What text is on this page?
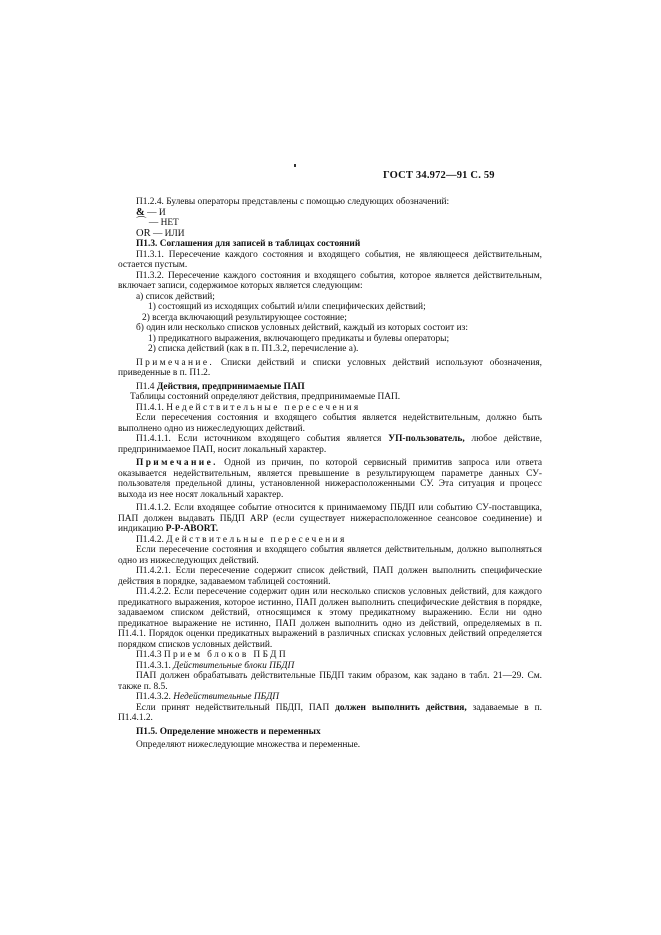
ГОСТ 34.972—91 С. 59

П1.2.4. Булевы операторы представлены с помощью следующих обозначений:

& — И

⌒ — НЕТ

OR — ИЛИ

П1.3. Соглашения для записей в таблицах состояний

П1.3.1. Пересечение каждого состояния и входящего события, не являющееся действительным, остается пустым.

П1.3.2. Пересечение каждого состояния и входящего события, которое является действительным, включает записи, содержимое которых является следующим:

а) список действий;

1) состоящий из исходящих событий и/или специфических действий;

2) всегда включающий результирующее состояние;

б) один или несколько списков условных действий, каждый из которых состоит из:

1) предикатного выражения, включающего предикаты и булевы операторы;

2) списка действий (как в п. П1.3.2, перечисление а).

Примечание. Списки действий и списки условных действий используют обозначения, приведенные в п. П1.2.

П1.4 Действия, предпринимаемые ПАП

Таблицы состояний определяют действия, предпринимаемые ПАП.

П1.4.1. Недействительные пересечения

Если пересечения состояния и входящего события является недействительным, должно быть выполнено одно из нижеследующих действий.

П1.4.1.1. Если источником входящего события является УП-пользователь, любое действие, предпринимаемое ПАП, носит локальный характер.

Примечание. Одной из причин, по которой сервисный примитив запроса или ответа оказывается недействительным, является превышение в результирующем параметре данных СУ-пользователя предельной длины, установленной нижерасположенными СУ. Эта ситуация и процесс выхода из нее носят локальный характер.

П1.4.1.2. Если входящее событие относится к принимаемому ПБДП или событию СУ-поставщика, ПАП должен выдавать ПБДП ARP (если существует нижерасположенное сеансовое соединение) и индикацию P-P-ABORT.

П1.4.2. Действительные пересечения

Если пересечение состояния и входящего события является действительным, должно выполняться одно из нижеследующих действий.

П1.4.2.1. Если пересечение содержит список действий, ПАП должен выполнить специфические действия в порядке, задаваемом таблицей состояний.

П1.4.2.2. Если пересечение содержит один или несколько списков условных действий, для каждого предикатного выражения, которое истинно, ПАП должен выполнить специфические действия в порядке, задаваемом списком действий, относящимся к этому предикатному выражению. Если ни одно предикатное выражение не истинно, ПАП должен выполнить одно из действий, определяемых в п. П1.4.1. Порядок оценки предикатных выражений в различных списках условных действий определяется порядком списков условных действий.

П1.4.3 Прием блоков ПБДП

П1.4.3.1. Действительные блоки ПБДП

ПАП должен обрабатывать действительные ПБДП таким образом, как задано в табл. 21—29. См. также п. 8.5.

П1.4.3.2. Недействительные ПБДП

Если принят недействительный ПБДП, ПАП должен выполнить действия, задаваемые в п. П1.4.1.2.

П1.5. Определение множеств и переменных

Определяют нижеследующие множества и переменные.
